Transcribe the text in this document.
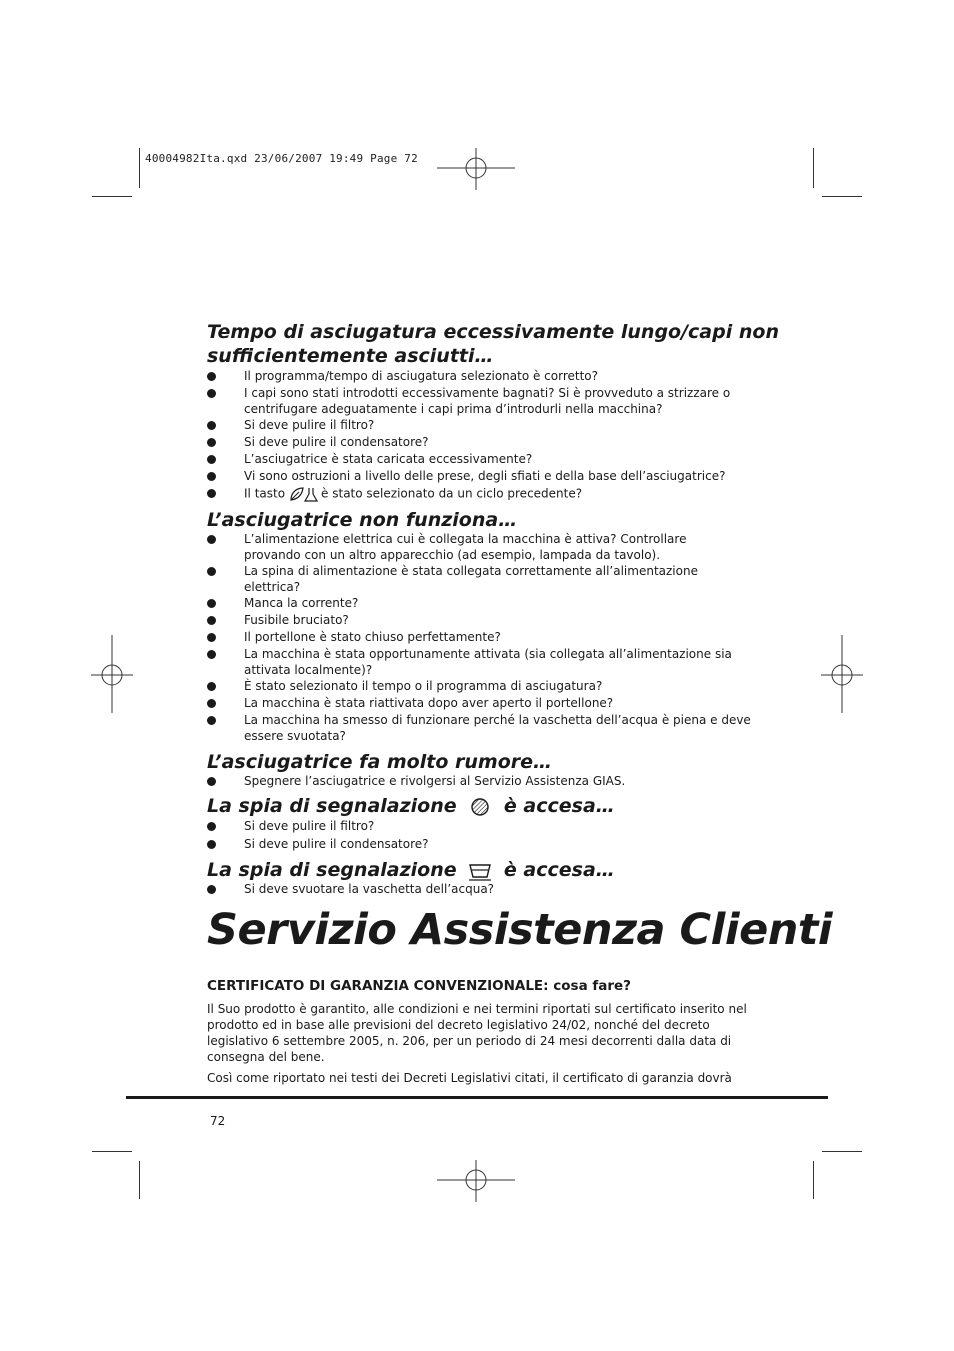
40004982Ita.qxd 23/06/2007 19:49 Page 72
Tempo di asciugatura eccessivamente lungo/capi non
sufficientemente asciutti…
Il programma/tempo di asciugatura selezionato è corretto?
I capi sono stati introdotti eccessivamente bagnati? Si è provveduto a strizzare o
centrifugare adeguatamente i capi prima d’introdurli nella macchina?
Si deve pulire il filtro?
Si deve pulire il condensatore?
L’asciugatrice è stata caricata eccessivamente?
Vi sono ostruzioni a livello delle prese, degli sfiati e della base dell’asciugatrice?
Il tasto	è stato selezionato da un ciclo precedente?
L’asciugatrice non funziona…
L’alimentazione elettrica cui è collegata la macchina è attiva? Controllare
provando con un altro apparecchio (ad esempio, lampada da tavolo).
La spina di alimentazione è stata collegata correttamente all’alimentazione
elettrica?
Manca la corrente?
Fusibile bruciato?
Il portellone è stato chiuso perfettamente?
La macchina è stata opportunamente attivata (sia collegata all’alimentazione sia
attivata localmente)?
È stato selezionato il tempo o il programma di asciugatura?
La macchina è stata riattivata dopo aver aperto il portellone?
La macchina ha smesso di funzionare perché la vaschetta dell’acqua è piena e deve
essere svuotata?
L’asciugatrice fa molto rumore…
Spegnere l’asciugatrice e rivolgersi al Servizio Assistenza GIAS.
La spia di segnalazione è accesa…
Si deve pulire il filtro?
Si deve pulire il condensatore?
La spia di segnalazione è accesa…
Si deve svuotare la vaschetta dell’acqua?
Servizio Assistenza Clienti
CERTIFICATO DI GARANZIA CONVENZIONALE: cosa fare?
Il Suo prodotto è garantito, alle condizioni e nei termini riportati sul certificato inserito nel
prodotto ed in base alle previsioni del decreto legislativo 24/02, nonché del decreto
legislativo 6 settembre 2005, n. 206, per un periodo di 24 mesi decorrenti dalla data di
consegna del bene.
Così come riportato nei testi dei Decreti Legislativi citati, il certificato di garanzia dovrà
72
